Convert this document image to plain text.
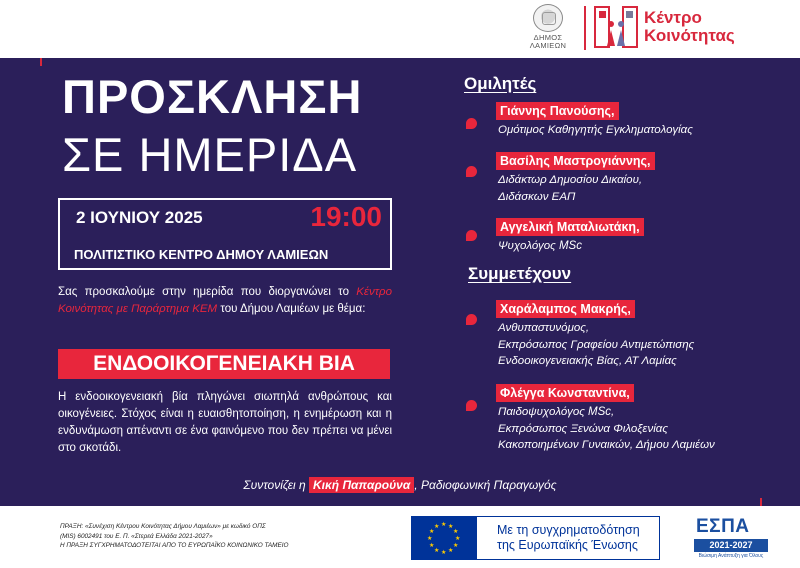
ΔΗΜΟΣ ΛΑΜΙΕΩΝ
Κέντρο
Κοινότητας
ΠΡΟΣΚΛΗΣΗ
ΣΕ ΗΜΕΡΙΔΑ
2 ΙΟΥΝΙΟΥ 2025	19:00
ΠΟΛΙΤΙΣΤΙΚΟ ΚΕΝΤΡΟ ΔΗΜΟΥ ΛΑΜΙΕΩΝ
Σας προσκαλούμε στην ημερίδα που διοργανώνει το Κέντρο Κοινότητας με Παράρτημα ΚΕΜ του Δήμου Λαμιέων με θέμα:
ΕΝΔΟΟΙΚΟΓΕΝΕΙΑΚΗ ΒΙΑ
Η ενδοοικογενειακή βία πληγώνει σιωπηλά ανθρώπους και οικογένειες. Στόχος είναι η ευαισθητοποίηση, η ενημέρωση και η ενδυνάμωση απέναντι σε ένα φαινόμενο που δεν πρέπει να μένει στο σκοτάδι.
Συντονίζει η Κική Παπαρούνα , Ραδιοφωνική Παραγωγός
Ομιλητές
Γιάννης Πανούσης,
Ομότιμος Καθηγητής Εγκληματολογίας
Βασίλης Μαστρογιάννης,
Διδάκτωρ Δημοσίου Δικαίου,
Διδάσκων ΕΑΠ
Αγγελική Ματαλιωτάκη,
Ψυχολόγος MSc
Συμμετέχουν
Χαράλαμπος Μακρής,
Ανθυπαστυνόμος,
Εκπρόσωπος Γραφείου Αντιμετώπισης
Ενδοοικογενειακής Βίας, ΑΤ Λαμίας
Φλέγγα Κωνσταντίνα,
Παιδοψυχολόγος MSc,
Εκπρόσωπος Ξενώνα Φιλοξενίας
Κακοποιημένων Γυναικών, Δήμου Λαμιέων
ΠΡΑΞΗ: «Συνέχιση Κέντρου Κοινότητας Δήμου Λαμιέων» με κωδικό ΟΠΣ
(MIS) 6002491 του Ε. Π. «Στερεά Ελλάδα 2021-2027»
Η ΠΡΑΞΗ ΣΥΓΧΡΗΜΑΤΟΔΟΤΕΙΤΑΙ ΑΠΟ ΤΟ ΕΥΡΩΠΑΪΚΟ ΚΟΙΝΩΝΙΚΟ ΤΑΜΕΙΟ
★ ★
★
★
★
★
★
★
★
★
★
★	Με τη συγχρηματοδότηση
της Ευρωπαϊκής Ένωσης
ΕΣΠΑ
2021-2027
Βιώσιμη Ανάπτυξη για Όλους
